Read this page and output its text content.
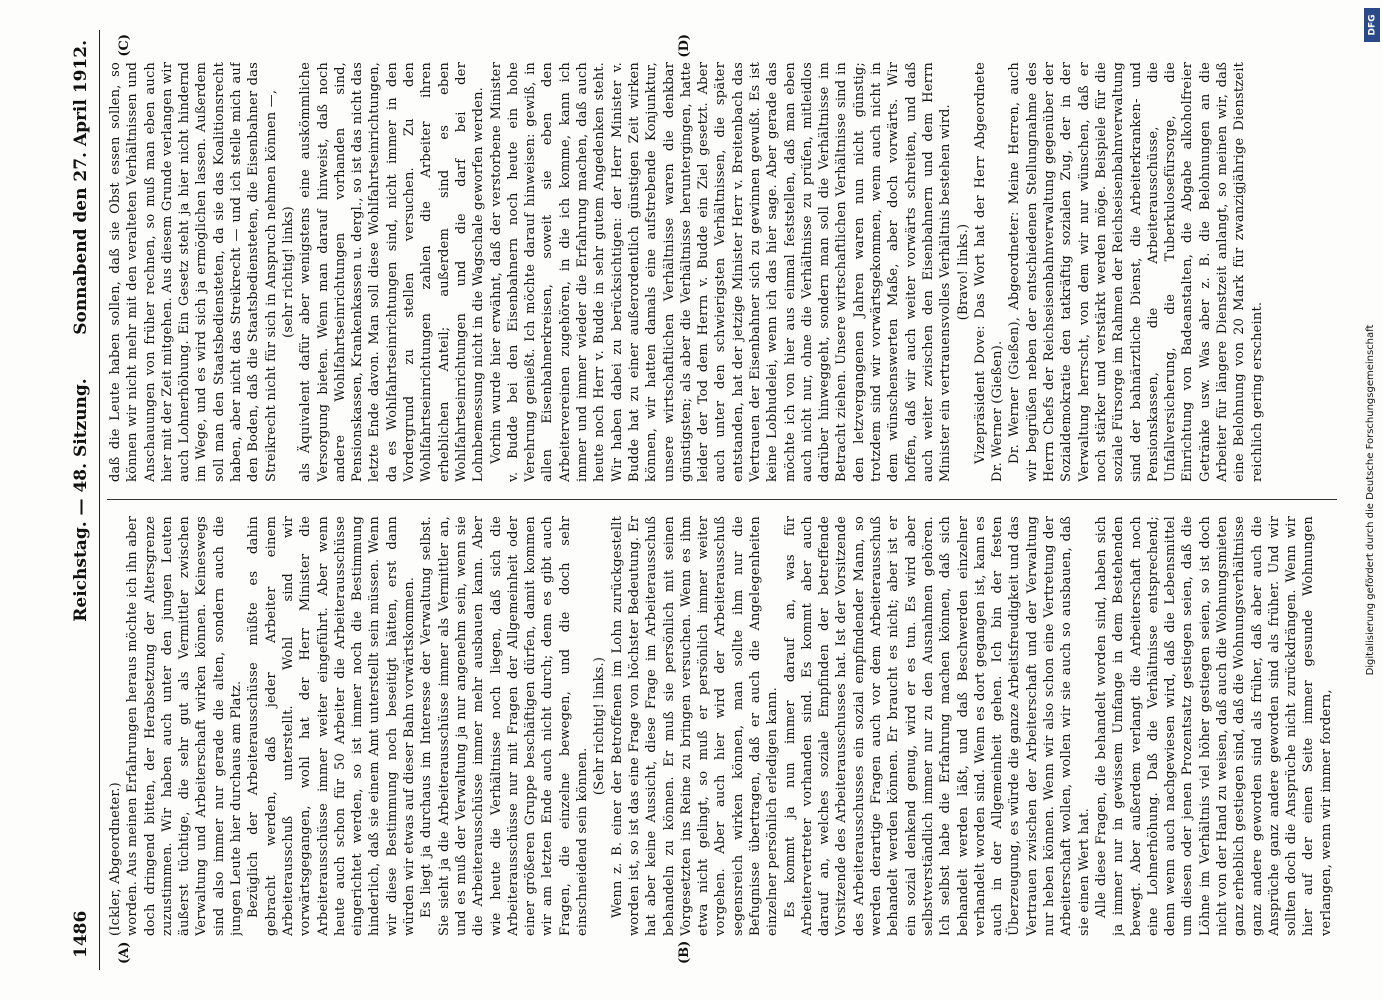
1486
Reichstag. — 48. Sitzung.
Sonnabend den 27. April 1912.
(A)	(B)
(C)	(D)

(Ickler, Abgeordneter.) worden. Aus meinen Erfahrungen heraus möchte ich ihn aber doch dringend bitten, der Herabsetzung der Altersgrenze zuzustimmen. Wir haben auch unter den jungen Leuten äußerst tüchtige, die sehr gut als Vermittler zwischen Verwaltung und Arbeiterschaft wirken können. Keineswegs sind also immer nur gerade die alten, sondern auch die jungen Leute hier durchaus am Platz. Bezüglich der Arbeiterausschüsse müßte es dahin gebracht werden, daß jeder Arbeiter einem Arbeiterausschuß unterstellt. Wohl sind wir vorwärtsgegangen, wohl hat der Herr Minister die Arbeiterausschüsse immer weiter eingeführt. Aber wenn heute auch schon für 50 Arbeiter die Arbeiterausschüsse eingerichtet werden, so ist immer noch die Bestimmung hinderlich, daß sie einem Amt unterstellt sein müssen. Wenn wir diese Bestimmung noch beseitigt hätten, erst dann würden wir etwas auf dieser Bahn vorwärtskommen. Es liegt ja durchaus im Interesse der Verwaltung selbst. Sie sieht ja die Arbeiterausschüsse immer als Vermittler an, und es muß der Verwaltung ja nur angenehm sein, wenn sie die Arbeiterausschüsse immer mehr ausbauen kann. Aber wie heute die Verhältnisse noch liegen, daß sich die Arbeiterausschüsse nur mit Fragen der Allgemeinheit oder einer größeren Gruppe beschäftigen dürfen, damit kommen wir am letzten Ende auch nicht durch; denn es gibt auch Fragen, die einzelne bewegen, und die doch sehr einschneidend sein können.

(Sehr richtig! links.) Wenn z. B. einer der Betroffenen im Lohn zurückgestellt worden ist, so ist das eine Frage von höchster Bedeutung. Er hat aber keine Aussicht, diese Frage im Arbeiterausschuß behandeln zu können. Er muß sie persönlich mit seinen Vorgesetzten ins Reine zu bringen versuchen. Wenn es ihm etwa nicht gelingt, so muß er persönlich immer weiter vorgehen. Aber auch hier wird der Arbeiterausschuß segensreich wirken können, man sollte ihm nur die Befugnisse übertragen, daß er auch die Angelegenheiten einzelner persönlich erledigen kann. Es kommt ja nun immer darauf an, was für Arbeitervertreter vorhanden sind. Es kommt aber auch darauf an, welches soziale Empfinden der betreffende Vorsitzende des Arbeiterausschusses hat. Ist der Vorsitzende des Arbeiterausschusses ein sozial empfindender Mann, so werden derartige Fragen auch vor dem Arbeiterausschuß behandelt werden können. Er braucht es nicht; aber ist er ein sozial denkend genug, wird er es tun. Es wird aber selbstverständlich immer nur zu den Ausnahmen gehören. Ich selbst habe die Erfahrung machen können, daß sich behandelt werden läßt, und daß Beschwerden einzelner verhandelt worden sind. Wenn es dort gegangen ist, kann es auch in der Allgemeinheit gehen. Ich bin der festen Überzeugung, es würde die ganze Arbeitsfreudigkeit und das Vertrauen zwischen der Arbeiterschaft und der Verwaltung nur heben können. Wenn wir also schon eine Vertretung der Arbeiterschaft wollen, wollen wir sie auch so ausbauen, daß sie einen Wert hat. Alle diese Fragen, die behandelt worden sind, haben sich ja immer nur in gewissem Umfange in dem Bestehenden bewegt. Aber außerdem verlangt die Arbeiterschaft noch eine Lohnerhöhung. Daß die Verhältnisse entsprechend; denn wenn auch nachgewiesen wird, daß die Lebensmittel um diesen oder jenen Prozentsatz gestiegen seien, daß die Löhne im Verhältnis viel höher gestiegen seien, so ist doch nicht von der Hand zu weisen, daß auch die Wohnungsmieten ganz erheblich gestiegen sind, daß die Wohnungsverhältnisse ganz andere geworden sind als früher, daß aber auch die Ansprüche ganz andere geworden sind als früher. Und wir sollten doch die Ansprüche nicht zurückdrängen. Wenn wir hier auf der einen Seite immer gesunde Wohnungen verlangen, wenn wir immer fordern,

daß die Leute haben sollen, daß sie Obst essen sollen, so können wir nicht mehr mit den veralteten Verhältnissen und Anschauungen von früher rechnen, so muß man eben auch hier mit der Zeit mitgehen. Aus diesem Grunde verlangen wir auch Lohnerhöhung. Ein Gesetz steht ja hier nicht hindernd im Wege, und es wird sich ja ermöglichen lassen. Außerdem soll man den Staatsbediensteten, da sie das Koalitionsrecht haben, aber nicht das Streikrecht — und ich stelle mich auf den Boden, daß die Staatsbediensteten, die Eisenbahner das Streikrecht nicht für sich in Anspruch nehmen können —, (sehr richtig! links) als Äquivalent dafür aber wenigstens eine auskömmliche Versorgung bieten. Wenn man darauf hinweist, daß noch andere Wohlfahrtseinrichtungen vorhanden sind, Pensionskassen, Krankenkassen u. dergl., so ist das nicht das letzte Ende davon. Man soll diese Wohlfahrtseinrichtungen, da es Wohlfahrtseinrichtungen sind, nicht immer in den Vordergrund zu stellen versuchen. Zu den Wohlfahrtseinrichtungen zahlen die Arbeiter ihren erheblichen Anteil; außerdem sind es eben Wohlfahrtseinrichtungen und die darf bei der Lohnbemessung nicht in die Wagschale geworfen werden. Vorhin wurde hier erwähnt, daß der verstorbene Minister v. Budde bei den Eisenbahnern noch heute ein hohe Verehrung genießt. Ich möchte darauf hinweisen: gewiß, in allen Eisenbahnerkreisen, soweit sie eben den Arbeitervereinen zugehören, in die ich komme, kann ich immer und immer wieder die Erfahrung machen, daß auch heute noch Herr v. Budde in sehr gutem Angedenken steht. Wir haben dabei zu berücksichtigen: der Herr Minister v. Budde hat zu einer außerordentlich günstigen Zeit wirken können, wir hatten damals eine aufstrebende Konjunktur, unsere wirtschaftlichen Verhältnisse waren die denkbar günstigsten; als aber die Verhältnisse heruntergingen, hatte leider der Tod dem Herrn v. Budde ein Ziel gesetzt. Aber auch unter den schwierigsten Verhältnissen, die später entstanden, hat der jetzige Minister Herr v. Breitenbach das Vertrauen der Eisenbahner sich zu gewinnen gewußt. Es ist keine Lobhudelei, wenn ich das hier sage. Aber gerade das möchte ich von hier aus einmal feststellen, daß man eben auch nicht nur, ohne die Verhältnisse zu prüfen, mitleidlos darüber hinweggeht, sondern man soll die Verhältnisse im Betracht ziehen. Unsere wirtschaftlichen Verhältnisse sind in den letzvergangenen Jahren waren nun nicht günstig; trotzdem sind wir vorwärtsgekommen, wenn auch nicht in dem wünschenswerten Maße, aber doch vorwärts. Wir hoffen, daß wir auch weiter vorwärts schreiten, und daß auch weiter zwischen den Eisenbahnern und dem Herrn Minister ein vertrauensvolles Verhältnis bestehen wird. (Bravo! links.) Vizepräsident Dove: Das Wort hat der Herr Abgeordnete Dr. Werner (Gießen). Dr. Werner (Gießen), Abgeordneter: Meine Herren, auch wir begrüßen neben der entschiedenen Stellungnahme des Herrn Chefs der Reichseisenbahnverwaltung gegenüber der Sozialdemokratie den tatkräftig sozialen Zug, der in der Verwaltung herrscht, von dem wir nur wünschen, daß er noch stärker und verstärkt werden möge. Beispiele für die soziale Fürsorge im Rahmen der Reichseisenbahnverwaltung sind der bahnärztliche Dienst, die Arbeiterkranken- und Pensionskassen, die Arbeiterausschüsse, die Unfallversicherung, die Tuberkulosefürsorge, die Einrichtung von Badeanstalten, die Abgabe alkoholfreier Getränke usw. Was aber z. B. die Belohnungen an die Arbeiter für längere Dienstzeit anlangt, so meinen wir, daß eine Belohnung von 20 Mark für zwanzigjährige Dienstzeit reichlich gering erscheint.	Digitalisierung gefördert durch die Deutsche Forschungsgemeinschaft
DFG
